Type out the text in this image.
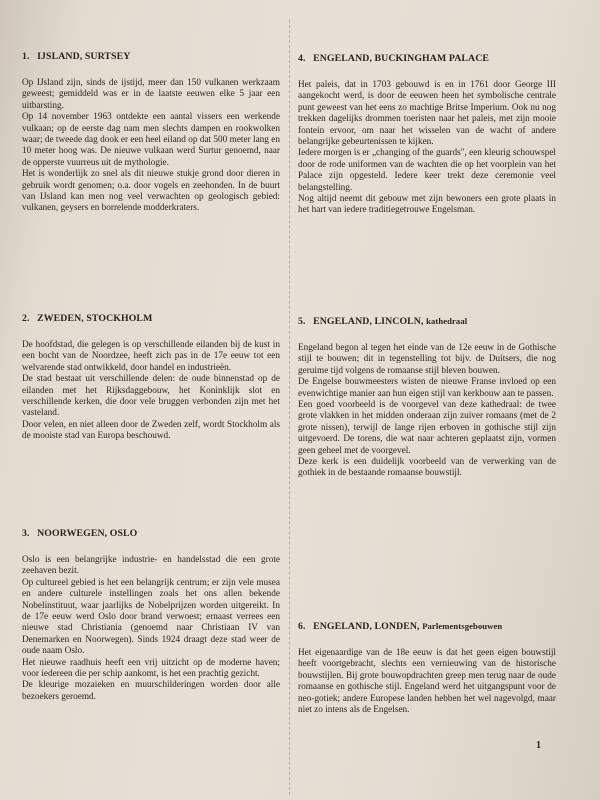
1. IJSLAND, SURTSEY

Op IJsland zijn, sinds de ijstijd, meer dan 150 vulkanen werkzaam geweest; gemiddeld was er in de laatste eeuwen elke 5 jaar een uitbarsting.

Op 14 november 1963 ontdekte een aantal vissers een werkende vulkaan; op de eerste dag nam men slechts dampen en rookwolken waar; de tweede dag dook er een heel eiland op dat 500 meter lang en 10 meter hoog was. De nieuwe vulkaan werd Surtur genoemd, naar de opperste vuurreus uit de mythologie.

Het is wonderlijk zo snel als dit nieuwe stukje grond door dieren in gebruik wordt genomen; o.a. door vogels en zeehonden. In de buurt van IJsland kan men nog veel verwachten op geologisch gebied: vulkanen, geysers en borrelende modderkraters.

2. ZWEDEN, STOCKHOLM

De hoofdstad, die gelegen is op verschillende eilanden bij de kust in een bocht van de Noordzee, heeft zich pas in de 17e eeuw tot een welvarende stad ontwikkeld, door handel en industrieën.

De stad bestaat uit verschillende delen: de oude binnenstad op de eilanden met het Rijksdaggebouw, het Koninklijk slot en verschillende kerken, die door vele bruggen verbonden zijn met het vasteland.

Door velen, en niet alleen door de Zweden zelf, wordt Stockholm als de mooiste stad van Europa beschouwd.

3. NOORWEGEN, OSLO

Oslo is een belangrijke industrie- en handelsstad die een grote zeehaven bezit.

Op cultureel gebied is het een belangrijk centrum; er zijn vele musea en andere culturele instellingen zoals het ons allen bekende Nobelinstituut, waar jaarlijks de Nobelprijzen worden uitgereikt. In de 17e eeuw werd Oslo door brand verwoest; ernaast verrees een nieuwe stad Christiania (genoemd naar Christiaan IV van Denemarken en Noorwegen). Sinds 1924 draagt deze stad weer de oude naam Oslo.

Het nieuwe raadhuis heeft een vrij uitzicht op de moderne haven; voor iedereen die per schip aankomt, is het een prachtig gezicht.

De kleurige mozaieken en muurschilderingen worden door alle bezoekers geroemd.

4. ENGELAND, BUCKINGHAM PALACE

Het paleis, dat in 1703 gebouwd is en in 1761 door George III aangekocht werd, is door de eeuwen heen het symbolische centrale punt geweest van het eens zo machtige Britse Imperium. Ook nu nog trekken dagelijks drommen toeristen naar het paleis, met zijn mooie fontein ervoor, om naar het wisselen van de wacht of andere belangrijke gebeurtenissen te kijken.

Iedere morgen is er „changing of the guards", een kleurig schouwspel door de rode uniformen van de wachten die op het voorplein van het Palace zijn opgesteld. Iedere keer trekt deze ceremonie veel belangstelling.

Nog altijd neemt dit gebouw met zijn bewoners een grote plaats in het hart van iedere traditiegetrouwe Engelsman.

5. ENGELAND, LINCOLN, kathedraal

Engeland begon al tegen het einde van de 12e eeuw in de Gothische stijl te bouwen; dit in tegenstelling tot bijv. de Duitsers, die nog geruime tijd volgens de romaanse stijl bleven bouwen.

De Engelse bouwmeesters wisten de nieuwe Franse invloed op een evenwichtige manier aan hun eigen stijl van kerkbouw aan te passen.

Een goed voorbeeld is de voorgevel van deze kathedraal: de twee grote vlakken in het midden onderaan zijn zuiver romaans (met de 2 grote nissen), terwijl de lange rijen erboven in gothische stijl zijn uitgevoerd. De torens, die wat naar achteren geplaatst zijn, vormen geen geheel met de voorgevel.

Deze kerk is een duidelijk voorbeeld van de verwerking van de gothiek in de bestaande romaanse bouwstijl.

6. ENGELAND, LONDEN, Parlementsgebouwen

Het eigenaardige van de 18e eeuw is dat het geen eigen bouwstijl heeft voortgebracht, slechts een vernieuwing van de historische bouwstijlen. Bij grote bouwopdrachten greep men terug naar de oude romaanse en gothische stijl. Engeland werd het uitgangspunt voor de neo-gotiek; andere Europese landen hebben het wel nagevolgd, maar niet zo intens als de Engelsen.

1
